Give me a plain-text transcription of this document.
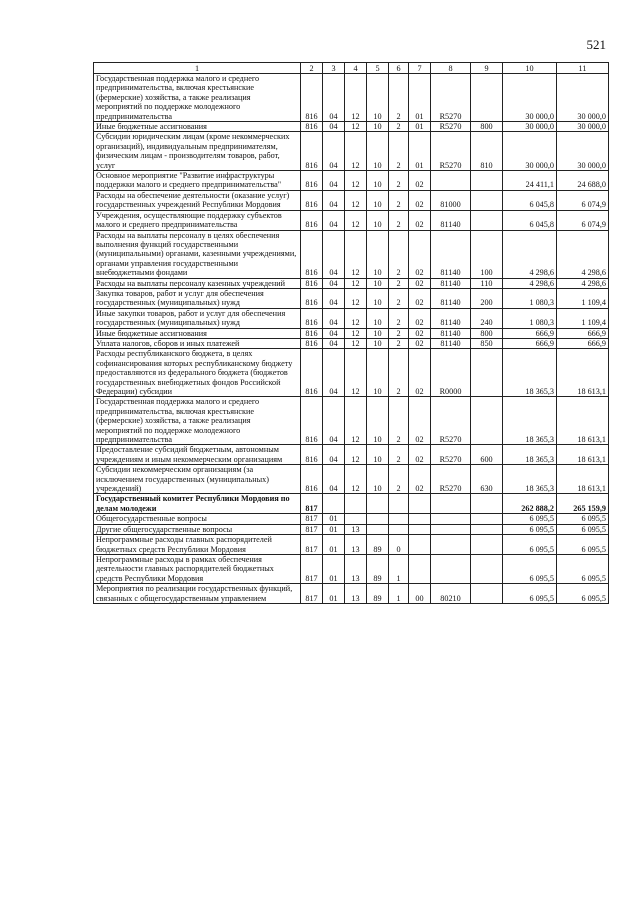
521
1	2	3	4	5	6	7	8	9	10	11
Государственная поддержка малого и среднего предпринимательства, включая крестьянские (фермерские) хозяйства, а также реализация мероприятий по поддержке молодежного предпринимательства	816	04	12	10	2	01	R5270		30 000,0	30 000,0
Иные бюджетные ассигнования	816	04	12	10	2	01	R5270	800	30 000,0	30 000,0
Субсидии юридическим лицам (кроме некоммерческих организаций), индивидуальным предпринимателям, физическим лицам - производителям товаров, работ, услуг	816	04	12	10	2	01	R5270	810	30 000,0	30 000,0
Основное мероприятие "Развитие инфраструктуры поддержки малого и среднего предпринимательства"	816	04	12	10	2	02			24 411,1	24 688,0
Расходы на обеспечение деятельности (оказание услуг) государственных учреждений Республики Мордовия	816	04	12	10	2	02	81000		6 045,8	6 074,9
Учреждения, осуществляющие поддержку субъектов малого и среднего предпринимательства	816	04	12	10	2	02	81140		6 045,8	6 074,9
Расходы на выплаты персоналу в целях обеспечения выполнения функций государственными (муниципальными) органами, казенными учреждениями, органами управления государственными внебюджетными фондами	816	04	12	10	2	02	81140	100	4 298,6	4 298,6
Расходы на выплаты персоналу казенных учреждений	816	04	12	10	2	02	81140	110	4 298,6	4 298,6
Закупка товаров, работ и услуг для обеспечения государственных (муниципальных) нужд	816	04	12	10	2	02	81140	200	1 080,3	1 109,4
Иные закупки товаров, работ и услуг для обеспечения государственных (муниципальных) нужд	816	04	12	10	2	02	81140	240	1 080,3	1 109,4
Иные бюджетные ассигнования	816	04	12	10	2	02	81140	800	666,9	666,9
Уплата налогов, сборов и иных платежей	816	04	12	10	2	02	81140	850	666,9	666,9
Расходы республиканского бюджета, в целях софинансирования которых республиканскому бюджету предоставляются из федерального бюджета (бюджетов государственных внебюджетных фондов Российской Федерации) субсидии	816	04	12	10	2	02	R0000		18 365,3	18 613,1
Государственная поддержка малого и среднего предпринимательства, включая крестьянские (фермерские) хозяйства, а также реализация мероприятий по поддержке молодежного предпринимательства	816	04	12	10	2	02	R5270		18 365,3	18 613,1
Предоставление субсидий бюджетным, автономным учреждениям и иным некоммерческим организациям	816	04	12	10	2	02	R5270	600	18 365,3	18 613,1
Субсидии некоммерческим организациям (за исключением государственных (муниципальных) учреждений)	816	04	12	10	2	02	R5270	630	18 365,3	18 613,1
Государственный комитет Республики Мордовия по делам молодежи	817								262 888,2	265 159,9
Общегосударственные вопросы	817	01							6 095,5	6 095,5
Другие общегосударственные вопросы	817	01	13						6 095,5	6 095,5
Непрограммные расходы главных распорядителей бюджетных средств Республики Мордовия	817	01	13	89	0				6 095,5	6 095,5
Непрограммные расходы в рамках обеспечения деятельности главных распорядителей бюджетных средств Республики Мордовия	817	01	13	89	1				6 095,5	6 095,5
Мероприятия по реализации государственных функций, связанных с общегосударственным управлением	817	01	13	89	1	00	80210		6 095,5	6 095,5
